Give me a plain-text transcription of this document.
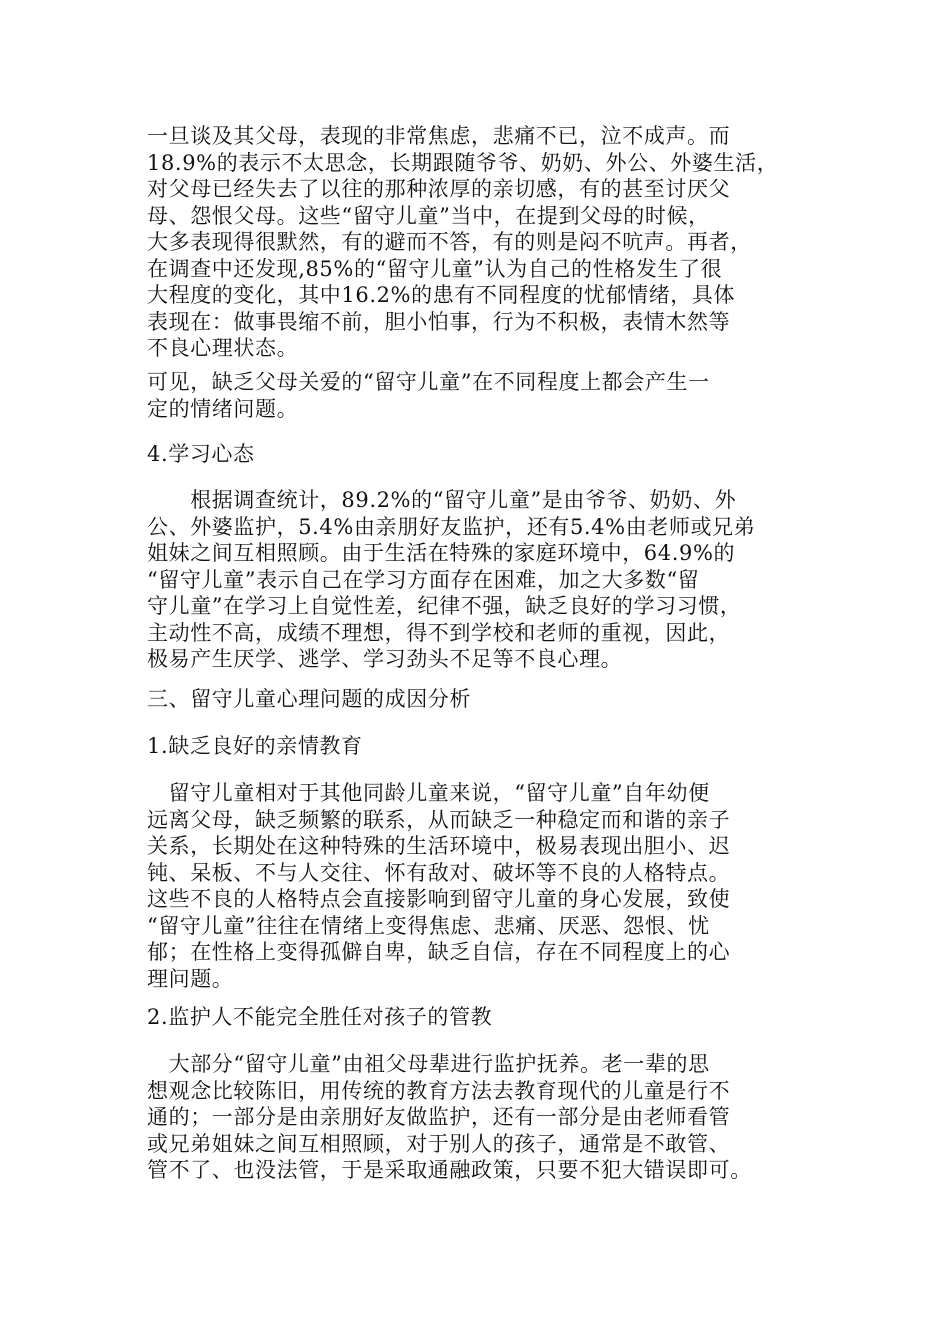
一旦谈及其父母，表现的非常焦虑，悲痛不已，泣不成声。而
18.9%的表示不太思念，长期跟随爷爷、奶奶、外公、外婆生活，
对父母已经失去了以往的那种浓厚的亲切感，有的甚至讨厌父
母、怨恨父母。这些“留守儿童”当中，在提到父母的时候，
大多表现得很默然，有的避而不答，有的则是闷不吭声。再者，
在调查中还发现,85%的“留守儿童”认为自己的性格发生了很
大程度的变化，其中16.2%的患有不同程度的忧郁情绪，具体
表现在：做事畏缩不前，胆小怕事，行为不积极，表情木然等
不良心理状态。
可见，缺乏父母关爱的“留守儿童”在不同程度上都会产生一
定的情绪问题。
4.学习心态
　　根据调查统计，89.2%的“留守儿童”是由爷爷、奶奶、外
公、外婆监护，5.4%由亲朋好友监护，还有5.4%由老师或兄弟
姐妹之间互相照顾。由于生活在特殊的家庭环境中，64.9%的
“留守儿童”表示自己在学习方面存在困难，加之大多数“留
守儿童”在学习上自觉性差，纪律不强，缺乏良好的学习习惯，
主动性不高，成绩不理想，得不到学校和老师的重视，因此，
极易产生厌学、逃学、学习劲头不足等不良心理。
三、留守儿童心理问题的成因分析
1.缺乏良好的亲情教育
　留守儿童相对于其他同龄儿童来说，“留守儿童”自年幼便
远离父母，缺乏频繁的联系，从而缺乏一种稳定而和谐的亲子
关系，长期处在这种特殊的生活环境中，极易表现出胆小、迟
钝、呆板、不与人交往、怀有敌对、破坏等不良的人格特点。
这些不良的人格特点会直接影响到留守儿童的身心发展，致使
“留守儿童”往往在情绪上变得焦虑、悲痛、厌恶、怨恨、忧
郁；在性格上变得孤僻自卑，缺乏自信，存在不同程度上的心
理问题。
2.监护人不能完全胜任对孩子的管教
　大部分“留守儿童”由祖父母辈进行监护抚养。老一辈的思
想观念比较陈旧，用传统的教育方法去教育现代的儿童是行不
通的；一部分是由亲朋好友做监护，还有一部分是由老师看管
或兄弟姐妹之间互相照顾，对于别人的孩子，通常是不敢管、
管不了、也没法管，于是采取通融政策，只要不犯大错误即可。
